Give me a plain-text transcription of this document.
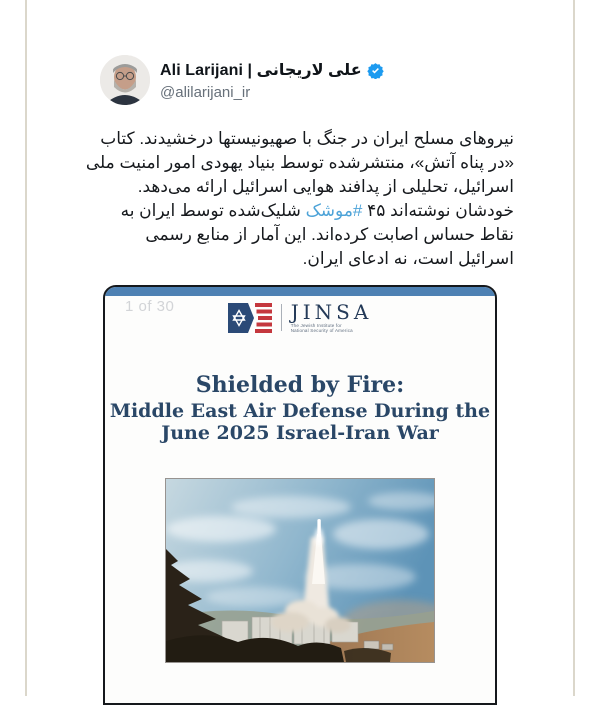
Ali Larijani | علی لاریجانی
@alilarijani_ir
نیروهای مسلح ایران در جنگ با صهیونیستها درخشیدند. کتاب «در پناه آتش»، منتشرشده توسط بنیاد یهودی امور امنیت ملی اسرائیل، تحلیلی از پدافند هوایی اسرائیل ارائه می‌دهد. خودشان نوشته‌اند ۴۵ #موشک شلیک‌شده توسط ایران به نقاط حساس اصابت کرده‌اند. این آمار از منابع رسمی اسرائیل است، نه ادعای ایران.
1 of 30	JINSA
The Jewish Institute for
National Security of America
Shielded by Fire:
Middle East Air Defense During the
June 2025 Israel-Iran War
